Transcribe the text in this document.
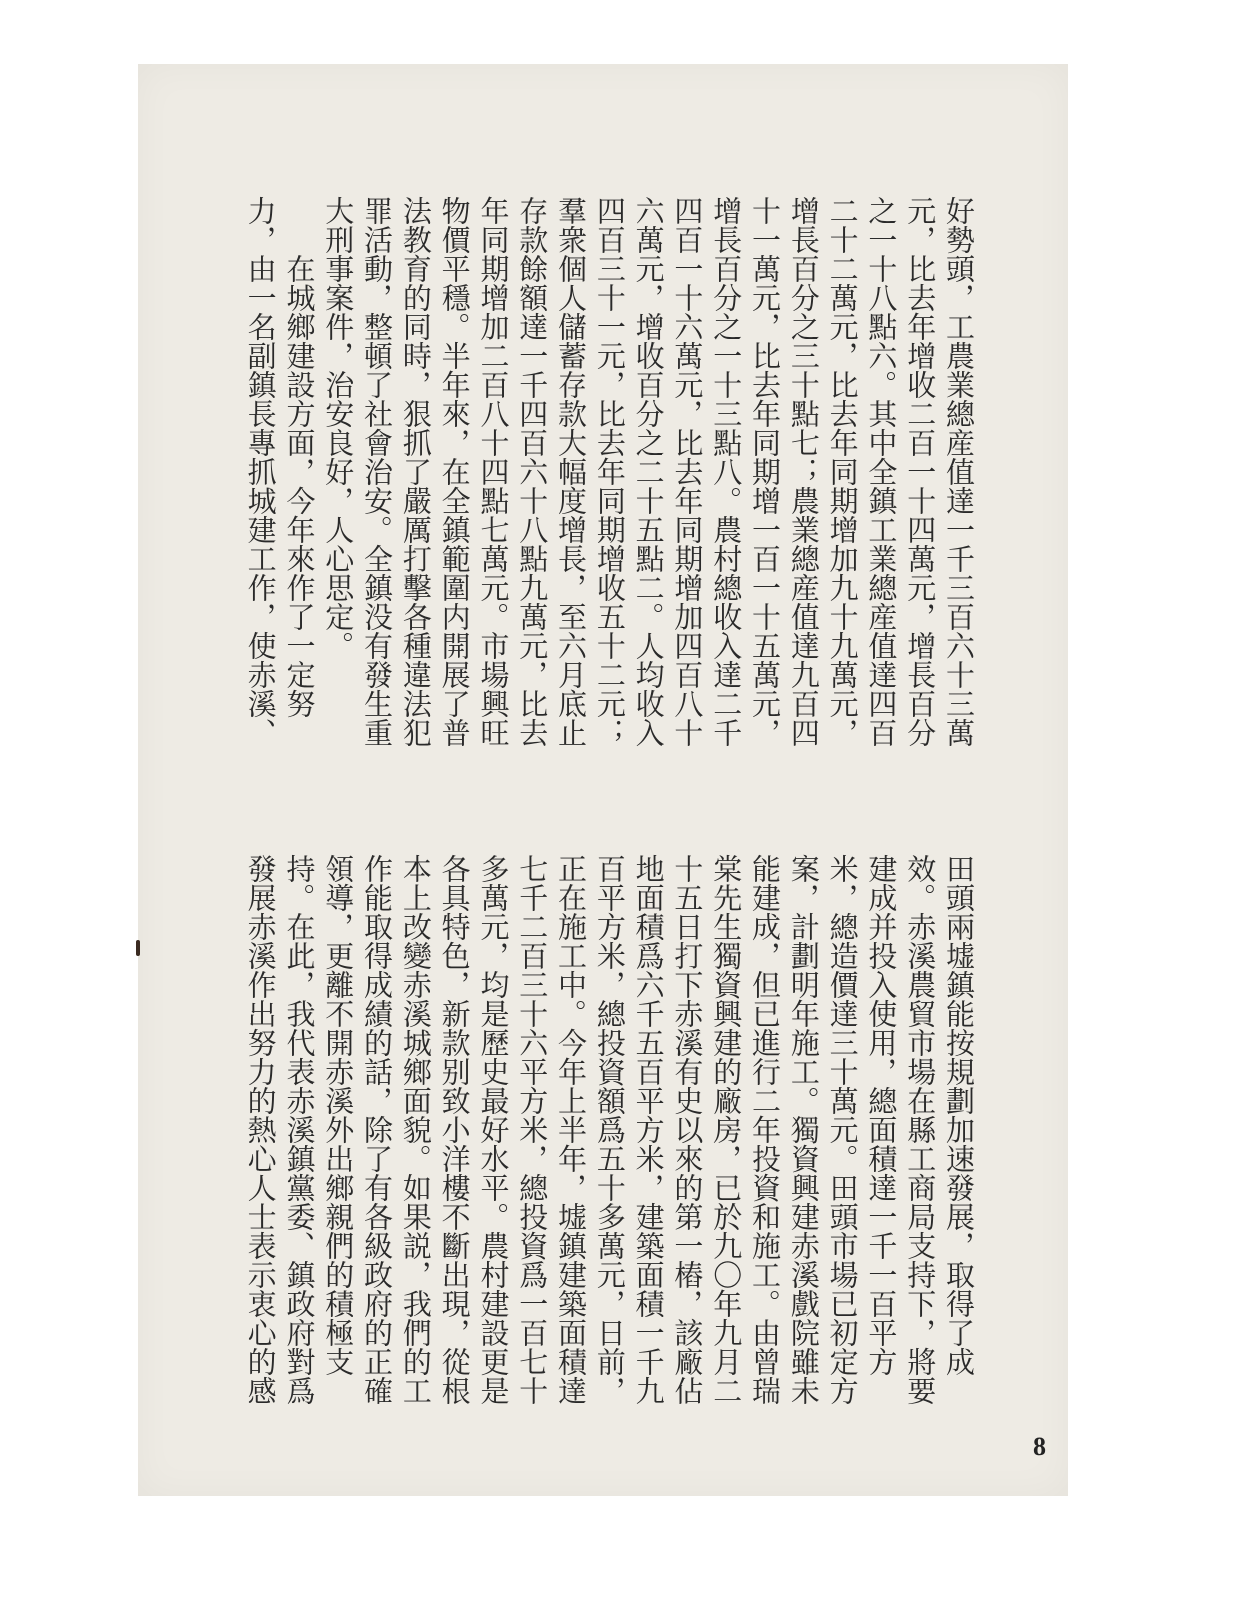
好勢頭，工農業總産值達一千三百六十三萬
元，比去年增收二百一十四萬元，增長百分
之一十八點六。其中全鎮工業總産值達四百
二十二萬元，比去年同期增加九十九萬元，
增長百分之三十點七；農業總産值達九百四
十一萬元，比去年同期增一百一十五萬元，
增長百分之一十三點八。農村總收入達二千
四百一十六萬元，比去年同期增加四百八十
六萬元，增收百分之二十五點二。人均收入
四百三十一元，比去年同期增收五十二元；
羣衆個人儲蓄存款大幅度增長，至六月底止
存款餘額達一千四百六十八點九萬元，比去
年同期增加二百八十四點七萬元。市場興旺
物價平穩。半年來，在全鎮範圍内開展了普
法教育的同時，狠抓了嚴厲打擊各種違法犯
罪活動，整頓了社會治安。全鎮没有發生重
大刑事案件，治安良好，人心思定。
　　在城鄉建設方面，今年來作了一定努
力，由一名副鎮長專抓城建工作，使赤溪、
田頭兩墟鎮能按規劃加速發展，取得了成
效。赤溪農貿市場在縣工商局支持下，將要
建成并投入使用，總面積達一千一百平方
米，總造價達三十萬元。田頭市場已初定方
案，計劃明年施工。獨資興建赤溪戲院雖未
能建成，但已進行二年投資和施工。由曾瑞
棠先生獨資興建的廠房，已於九〇年九月二
十五日打下赤溪有史以來的第一樁，該廠佔
地面積爲六千五百平方米，建築面積一千九
百平方米，總投資額爲五十多萬元，日前，
正在施工中。今年上半年，墟鎮建築面積達
七千二百三十六平方米，總投資爲一百七十
多萬元，均是歷史最好水平。農村建設更是
各具特色，新款别致小洋樓不斷出現，從根
本上改變赤溪城鄉面貌。如果説，我們的工
作能取得成績的話，除了有各級政府的正確
領導，更離不開赤溪外出鄉親們的積極支
持。在此，我代表赤溪鎮黨委、鎮政府對爲
發展赤溪作出努力的熱心人士表示衷心的感
8
